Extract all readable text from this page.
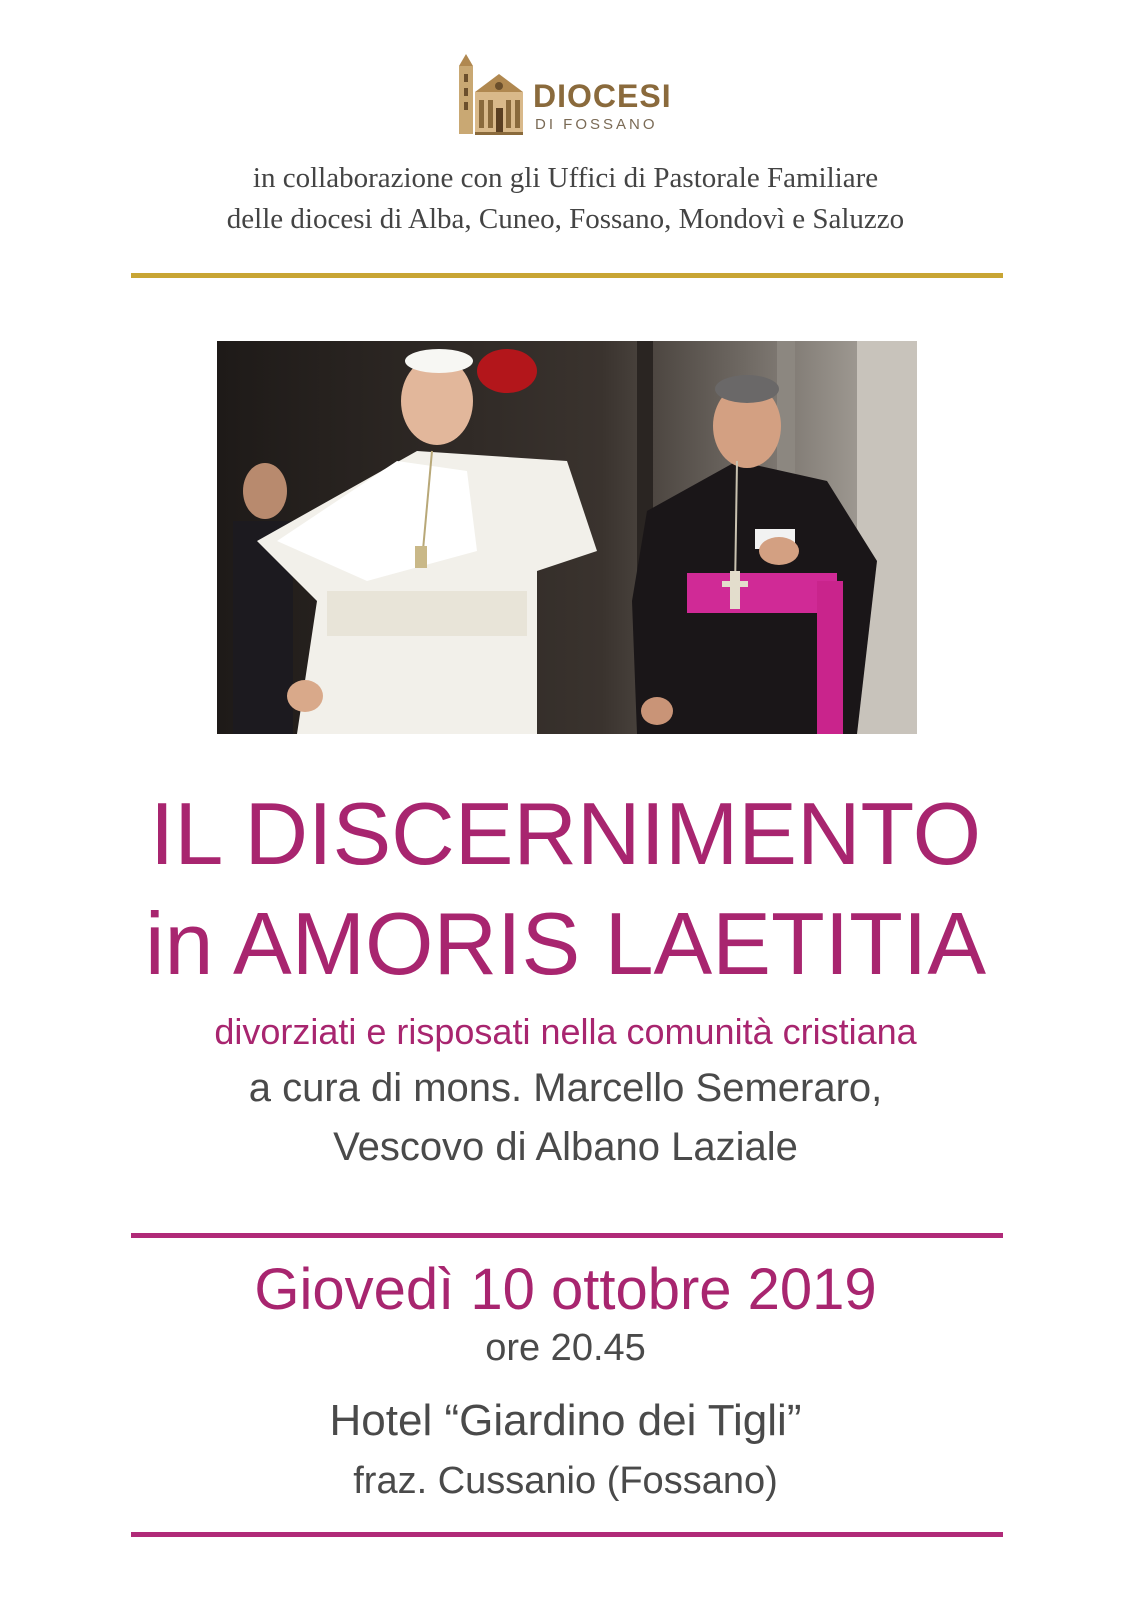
DIOCESI
DI FOSSANO
in collaborazione con gli Uffici di Pastorale Familiare
delle diocesi di Alba, Cuneo, Fossano, Mondovì e Saluzzo
IL DISCERNIMENTO
in AMORIS LAETITIA
divorziati e risposati nella comunità cristiana
a cura di mons. Marcello Semeraro,
Vescovo di Albano Laziale
Giovedì 10 ottobre 2019
ore 20.45
Hotel “Giardino dei Tigli”
fraz. Cussanio (Fossano)
